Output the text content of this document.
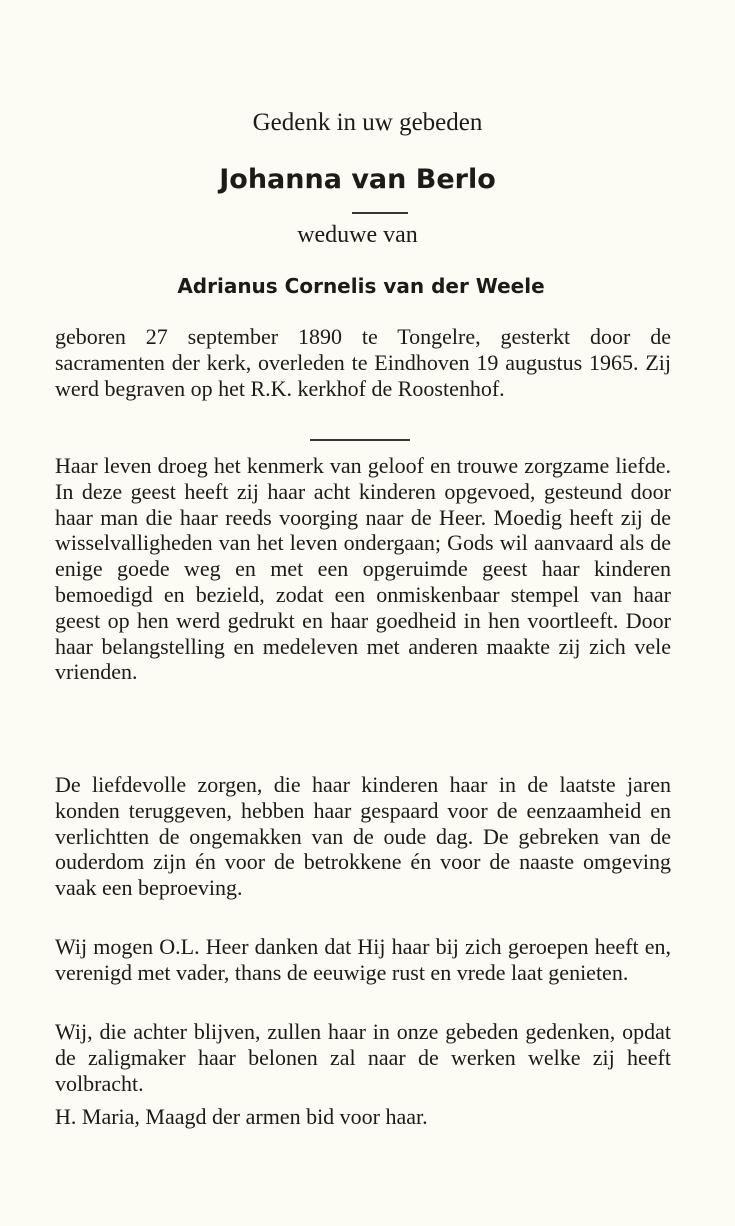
Gedenk in uw gebeden
Johanna van Berlo
weduwe van
Adrianus Cornelis van der Weele

geboren 27 september 1890 te Tongelre, gesterkt door de sacramenten der kerk, overleden te Eindhoven 19 augustus 1965. Zij werd begraven op het R.K. kerkhof de Roostenhof.

Haar leven droeg het kenmerk van geloof en trouwe zorgzame liefde. In deze geest heeft zij haar acht kinderen opgevoed, gesteund door haar man die haar reeds voorging naar de Heer. Moedig heeft zij de wisselvalligheden van het leven ondergaan; Gods wil aanvaard als de enige goede weg en met een opgeruimde geest haar kinderen bemoedigd en bezield, zodat een onmiskenbaar stempel van haar geest op hen werd gedrukt en haar goedheid in hen voortleeft. Door haar belangstelling en medeleven met anderen maakte zij zich vele vrienden.

De liefdevolle zorgen, die haar kinderen haar in de laatste jaren konden teruggeven, hebben haar gespaard voor de eenzaamheid en verlichtten de ongemakken van de oude dag. De gebreken van de ouderdom zijn én voor de betrokkene én voor de naaste omgeving vaak een beproeving.

Wij mogen O.L. Heer danken dat Hij haar bij zich geroepen heeft en, verenigd met vader, thans de eeuwige rust en vrede laat genieten.

Wij, die achter blijven, zullen haar in onze gebeden gedenken, opdat de zaligmaker haar belonen zal naar de werken welke zij heeft volbracht.

H. Maria, Maagd der armen bid voor haar.
